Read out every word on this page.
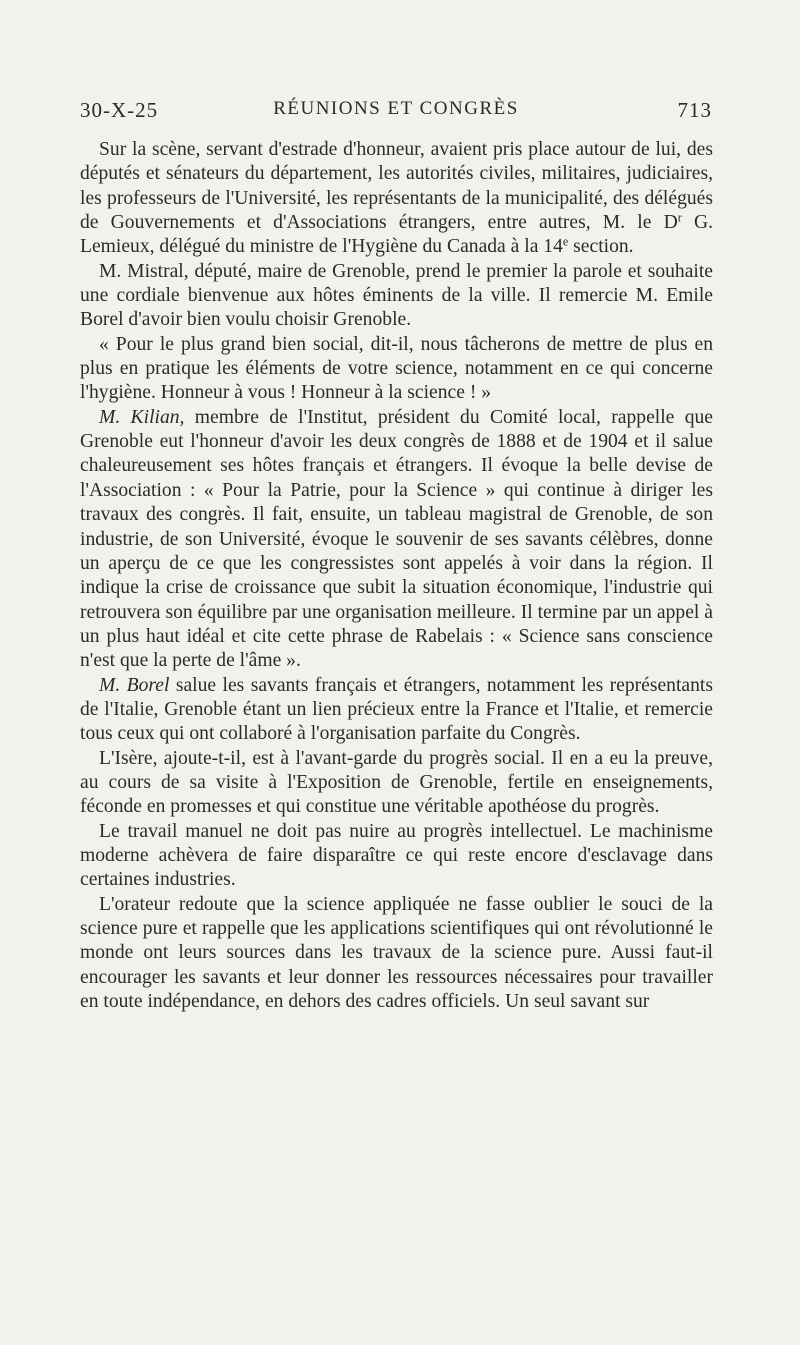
30-X-25	RÉUNIONS ET CONGRÈS	713

Sur la scène, servant d'estrade d'honneur, avaient pris place autour de lui, des députés et sénateurs du département, les autorités civiles, militaires, judiciaires, les professeurs de l'Université, les représentants de la municipalité, des délégués de Gouvernements et d'Associations étrangers, entre autres, M. le $D^r$ G. Lemieux, délégué du ministre de l'Hygiène du Canada à la 14e section.

M. Mistral, député, maire de Grenoble, prend le premier la parole et souhaite une cordiale bienvenue aux hôtes éminents de la ville. Il remercie M. Emile Borel d'avoir bien voulu choisir Grenoble.

« Pour le plus grand bien social, dit-il, nous tâcherons de mettre de plus en plus en pratique les éléments de votre science, notamment en ce qui concerne l'hygiène. Honneur à vous ! Honneur à la science ! »

M. Kilian, membre de l'Institut, président du Comité local, rappelle que Grenoble eut l'honneur d'avoir les deux congrès de 1888 et de 1904 et il salue chaleureusement ses hôtes français et étrangers. Il évoque la belle devise de l'Association : « Pour la Patrie, pour la Science » qui continue à diriger les travaux des congrès. Il fait, ensuite, un tableau magistral de Grenoble, de son industrie, de son Université, évoque le souvenir de ses savants célèbres, donne un aperçu de ce que les congressistes sont appelés à voir dans la région. Il indique la crise de croissance que subit la situation économique, l'industrie qui retrouvera son équilibre par une organisation meilleure. Il termine par un appel à un plus haut idéal et cite cette phrase de Rabelais : « Science sans conscience n'est que la perte de l'âme ».

M. Borel salue les savants français et étrangers, notamment les représentants de l'Italie, Grenoble étant un lien précieux entre la France et l'Italie, et remercie tous ceux qui ont collaboré à l'organisation parfaite du Congrès.

L'Isère, ajoute-t-il, est à l'avant-garde du progrès social. Il en a eu la preuve, au cours de sa visite à l'Exposition de Grenoble, fertile en enseignements, féconde en promesses et qui constitue une véritable apothéose du progrès.

Le travail manuel ne doit pas nuire au progrès intellectuel. Le machinisme moderne achèvera de faire disparaître ce qui reste encore d'esclavage dans certaines industries.

L'orateur redoute que la science appliquée ne fasse oublier le souci de la science pure et rappelle que les applications scientifiques qui ont révolutionné le monde ont leurs sources dans les travaux de la science pure. Aussi faut-il encourager les savants et leur donner les ressources nécessaires pour travailler en toute indépendance, en dehors des cadres officiels. Un seul savant sur
